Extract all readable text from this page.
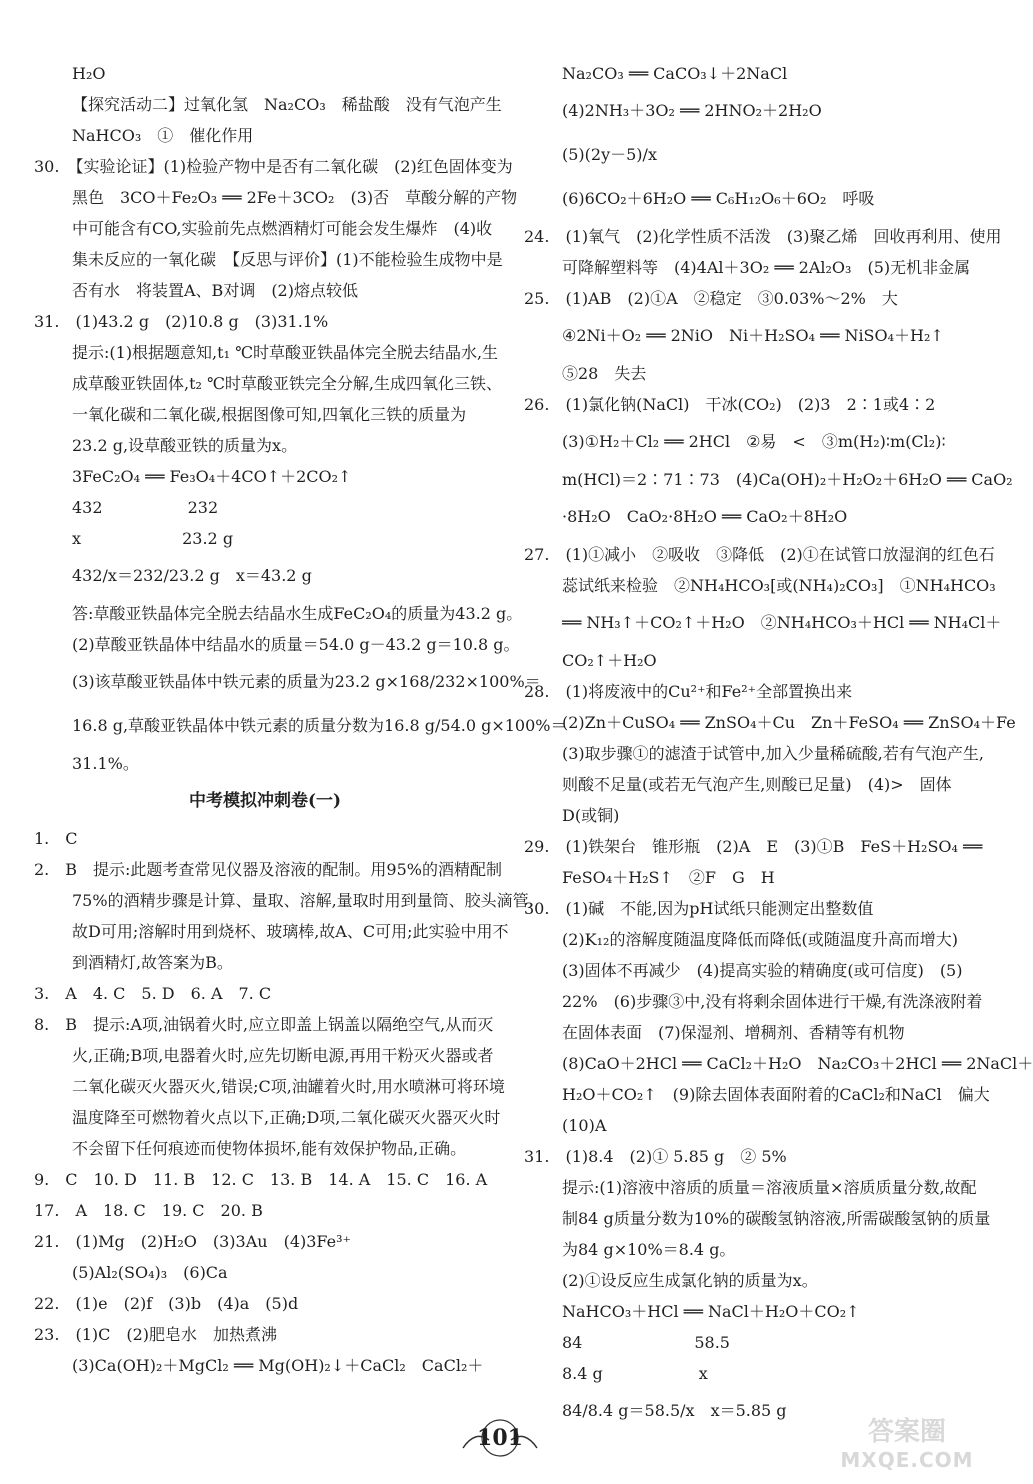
H₂O
【探究活动二】过氧化氢　Na₂CO₃　稀盐酸　没有气泡产生
NaHCO₃　①　催化作用
30.　【实验论证】(1)检验产物中是否有二氧化碳　(2)红色固体变为
黑色　3CO＋Fe₂O₃ ══ 2Fe＋3CO₂　(3)否　草酸分解的产物
中可能含有CO,实验前先点燃酒精灯可能会发生爆炸　(4)收
集未反应的一氧化碳　【反思与评价】(1)不能检验生成物中是
否有水　将装置A、B对调　(2)熔点较低
31.　(1)43.2 g　(2)10.8 g　(3)31.1%
提示:(1)根据题意知,t₁ ℃时草酸亚铁晶体完全脱去结晶水,生
成草酸亚铁固体,t₂ ℃时草酸亚铁完全分解,生成四氧化三铁、
一氧化碳和二氧化碳,根据图像可知,四氧化三铁的质量为
23.2 g,设草酸亚铁的质量为x。
3FeC₂O₄ ══ Fe₃O₄＋4CO↑＋2CO₂↑
432　　　　　 232
x　　　　　　 23.2 g
432/x＝232/23.2 g　x＝43.2 g
答:草酸亚铁晶体完全脱去结晶水生成FeC₂O₄的质量为43.2 g。
(2)草酸亚铁晶体中结晶水的质量＝54.0 g－43.2 g＝10.8 g。
(3)该草酸亚铁晶体中铁元素的质量为23.2 g×168/232×100%＝
16.8 g,草酸亚铁晶体中铁元素的质量分数为16.8 g/54.0 g×100%＝
31.1%。
中考模拟冲刺卷(一)
1.　C
2.　B　提示:此题考查常见仪器及溶液的配制。用95%的酒精配制
75%的酒精步骤是计算、量取、溶解,量取时用到量筒、胶头滴管,
故D可用;溶解时用到烧杯、玻璃棒,故A、C可用;此实验中用不
到酒精灯,故答案为B。
3.　A　4. C　5. D　6. A　7. C
8.　B　提示:A项,油锅着火时,应立即盖上锅盖以隔绝空气,从而灭
火,正确;B项,电器着火时,应先切断电源,再用干粉灭火器或者
二氧化碳灭火器灭火,错误;C项,油罐着火时,用水喷淋可将环境
温度降至可燃物着火点以下,正确;D项,二氧化碳灭火器灭火时
不会留下任何痕迹而使物体损坏,能有效保护物品,正确。
9.　C　10. D　11. B　12. C　13. B　14. A　15. C　16. A
17.　A　18. C　19. C　20. B
21.　(1)Mg　(2)H₂O　(3)3Au　(4)3Fe³⁺
(5)Al₂(SO₄)₃　(6)Ca
22.　(1)e　(2)f　(3)b　(4)a　(5)d
23.　(1)C　(2)肥皂水　加热煮沸
(3)Ca(OH)₂＋MgCl₂ ══ Mg(OH)₂↓＋CaCl₂　CaCl₂＋
Na₂CO₃ ══ CaCO₃↓＋2NaCl
(4)2NH₃＋3O₂ ══ 2HNO₂＋2H₂O
(5)(2y－5)/x
(6)6CO₂＋6H₂O ══ C₆H₁₂O₆＋6O₂　呼吸
24.　(1)氧气　(2)化学性质不活泼　(3)聚乙烯　回收再利用、使用
可降解塑料等　(4)4Al＋3O₂ ══ 2Al₂O₃　(5)无机非金属
25.　(1)AB　(2)①A　②稳定　③0.03%～2%　大
④2Ni＋O₂ ══ 2NiO　Ni＋H₂SO₄ ══ NiSO₄＋H₂↑
⑤28　失去
26.　(1)氯化钠(NaCl)　干冰(CO₂)　(2)3　2∶1或4∶2
(3)①H₂＋Cl₂ ══ 2HCl　②易　<　③m(H₂)∶m(Cl₂)∶
m(HCl)＝2∶71∶73　(4)Ca(OH)₂＋H₂O₂＋6H₂O ══ CaO₂
·8H₂O　CaO₂·8H₂O ══ CaO₂＋8H₂O
27.　(1)①减小　②吸收　③降低　(2)①在试管口放湿润的红色石
蕊试纸来检验　②NH₄HCO₃[或(NH₄)₂CO₃]　①NH₄HCO₃
══ NH₃↑＋CO₂↑＋H₂O　②NH₄HCO₃＋HCl ══ NH₄Cl＋
CO₂↑＋H₂O
28.　(1)将废液中的Cu²⁺和Fe²⁺全部置换出来
(2)Zn＋CuSO₄ ══ ZnSO₄＋Cu　Zn＋FeSO₄ ══ ZnSO₄＋Fe
(3)取步骤①的滤渣于试管中,加入少量稀硫酸,若有气泡产生,
则酸不足量(或若无气泡产生,则酸已足量)　(4)>　固体
D(或铜)
29.　(1)铁架台　锥形瓶　(2)A　E　(3)①B　FeS＋H₂SO₄ ══
FeSO₄＋H₂S↑　②F　G　H
30.　(1)碱　不能,因为pH试纸只能测定出整数值
(2)K₁₂的溶解度随温度降低而降低(或随温度升高而增大)
(3)固体不再减少　(4)提高实验的精确度(或可信度)　(5)
22%　(6)步骤③中,没有将剩余固体进行干燥,有洗涤液附着
在固体表面　(7)保湿剂、增稠剂、香精等有机物
(8)CaO＋2HCl ══ CaCl₂＋H₂O　Na₂CO₃＋2HCl ══ 2NaCl＋
H₂O＋CO₂↑　(9)除去固体表面附着的CaCl₂和NaCl　偏大
(10)A
31.　(1)8.4　(2)① 5.85 g　② 5%
提示:(1)溶液中溶质的质量＝溶液质量×溶质质量分数,故配
制84 g质量分数为10%的碳酸氢钠溶液,所需碳酸氢钠的质量
为84 g×10%＝8.4 g。
(2)①设反应生成氯化钠的质量为x。
NaHCO₃＋HCl ══ NaCl＋H₂O＋CO₂↑
84　　　　　　　58.5
8.4 g　　　　　　x
84/8.4 g＝58.5/x　x＝5.85 g
101	答案圈
MXQE.COM
